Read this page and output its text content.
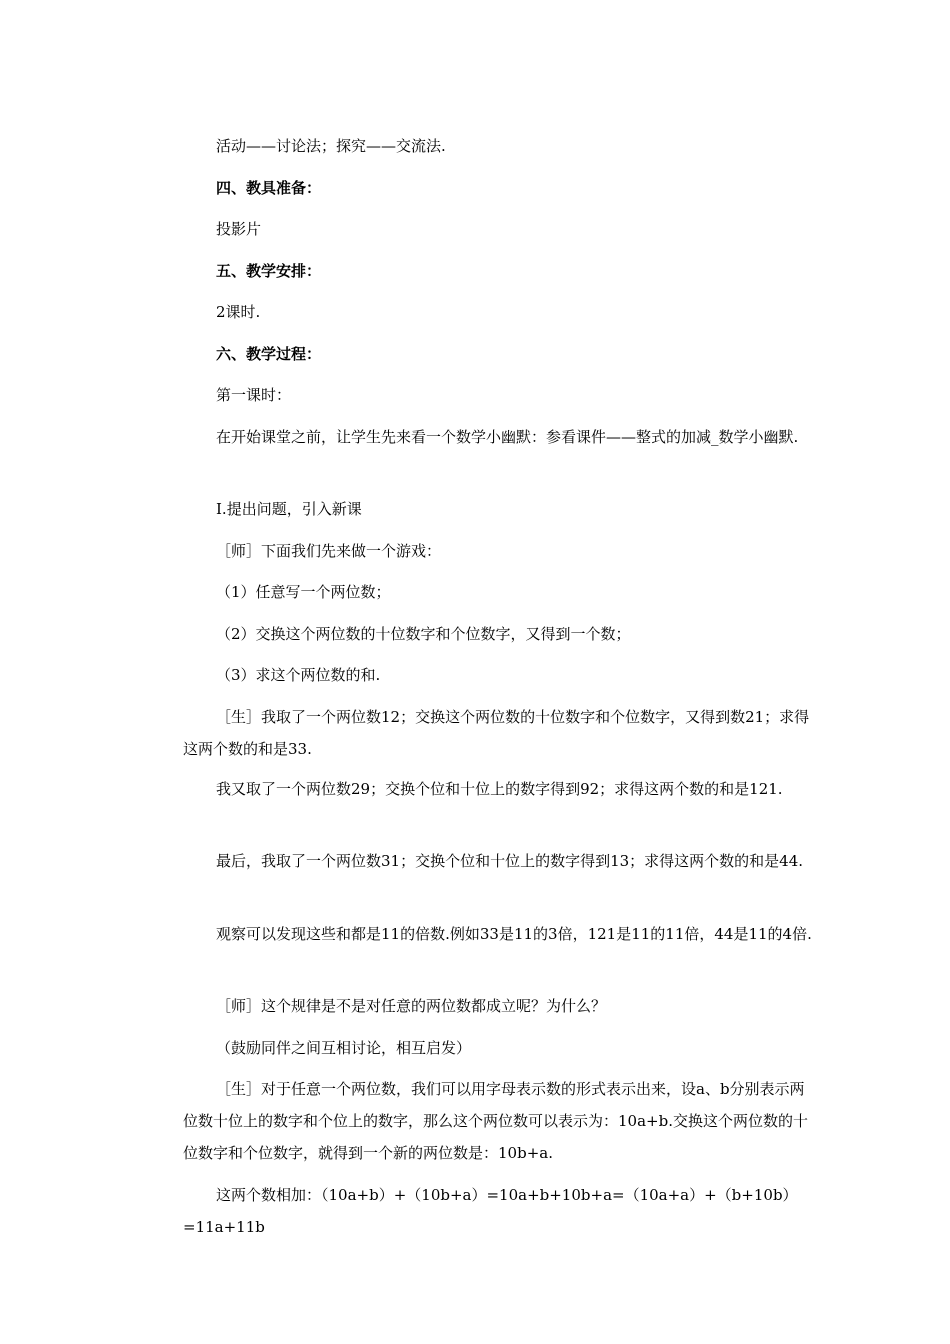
活动——讨论法；探究——交流法.

四、教具准备：

投影片

五、教学安排：

2课时.

六、教学过程：

第一课时：

在开始课堂之前，让学生先来看一个数学小幽默：参看课件——整式的加减_数学小幽默.

Ⅰ.提出问题，引入新课

［师］下面我们先来做一个游戏：

（1）任意写一个两位数；

（2）交换这个两位数的十位数字和个位数字，又得到一个数；

（3）求这个两位数的和.

［生］我取了一个两位数12；交换这个两位数的十位数字和个位数字，又得到数21；求得这两个数的和是33.

我又取了一个两位数29；交换个位和十位上的数字得到92；求得这两个数的和是121.

最后，我取了一个两位数31；交换个位和十位上的数字得到13；求得这两个数的和是44.

观察可以发现这些和都是11的倍数.例如33是11的3倍，121是11的11倍，44是11的4倍.

［师］这个规律是不是对任意的两位数都成立呢？为什么？

（鼓励同伴之间互相讨论，相互启发）

［生］对于任意一个两位数，我们可以用字母表示数的形式表示出来，设a、b分别表示两位数十位上的数字和个位上的数字，那么这个两位数可以表示为：10a+b.交换这个两位数的十位数字和个位数字，就得到一个新的两位数是：10b+a.

这两个数相加：（10a+b）+（10b+a）=10a+b+10b+a=（10a+a）+（b+10b）=11a+11b
